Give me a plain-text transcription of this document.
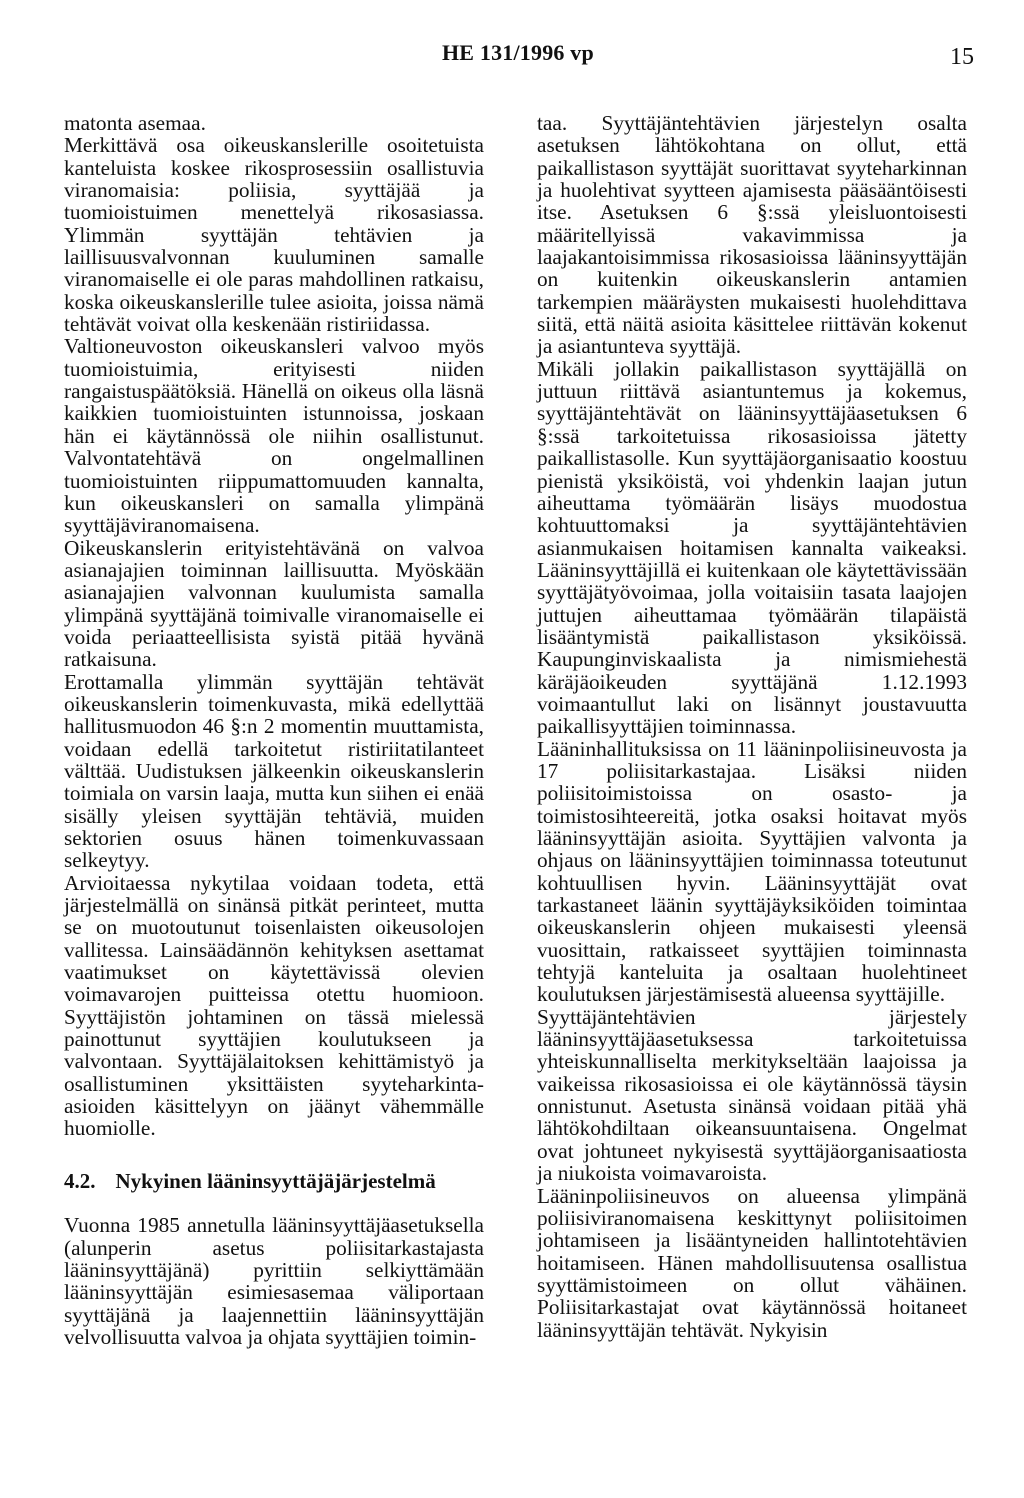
HE 131/1996 vp	15

matonta asemaa.

Merkittävä osa oikeuskanslerille osoitetuista kanteluista koskee rikosprosessiin osallistuvia viranomaisia: poliisia, syyttäjää ja tuomioistuimen menettelyä rikosasiassa. Ylimmän syyttäjän tehtävien ja laillisuusvalvonnan kuuluminen samalle viranomaiselle ei ole paras mahdollinen ratkaisu, koska oikeuskanslerille tulee asioita, joissa nämä tehtävät voivat olla keskenään ristiriidassa.

Valtioneuvoston oikeuskansleri valvoo myös tuomioistuimia, erityisesti niiden rangaistuspäätöksiä. Hänellä on oikeus olla läsnä kaikkien tuomioistuinten istunnoissa, joskaan hän ei käytännössä ole niihin osallistunut. Valvontatehtävä on ongelmallinen tuomioistuinten riippumattomuuden kannalta, kun oikeuskansleri on samalla ylimpänä syyttäjäviranomaisena.

Oikeuskanslerin erityistehtävänä on valvoa asianajajien toiminnan laillisuutta. Myöskään asianajajien valvonnan kuulumista samalla ylimpänä syyttäjänä toimivalle viranomaiselle ei voida periaatteellisista syistä pitää hyvänä ratkaisuna.

Erottamalla ylimmän syyttäjän tehtävät oikeuskanslerin toimenkuvasta, mikä edellyttää hallitusmuodon 46 §:n 2 momentin muuttamista, voidaan edellä tarkoitetut ristiriitatilanteet välttää. Uudistuksen jälkeenkin oikeuskanslerin toimiala on varsin laaja, mutta kun siihen ei enää sisälly yleisen syyttäjän tehtäviä, muiden sektorien osuus hänen toimenkuvassaan selkeytyy.

Arvioitaessa nykytilaa voidaan todeta, että järjestelmällä on sinänsä pitkät perinteet, mutta se on muotoutunut toisenlaisten oikeusolojen vallitessa. Lainsäädännön kehityksen asettamat vaatimukset on käytettävissä olevien voimavarojen puitteissa otettu huomioon. Syyttäjistön johtaminen on tässä mielessä painottunut syyttäjien koulutukseen ja valvontaan. Syyttäjälaitoksen kehittämistyö ja osallistuminen yksittäisten syyteharkinta-asioiden käsittelyyn on jäänyt vähemmälle huomiolle.

4.2. Nykyinen lääninsyyttäjäjärjestelmä

Vuonna 1985 annetulla lääninsyyttäjäasetuksella (alunperin asetus poliisitarkastajasta lääninsyyttäjänä) pyrittiin selkiyttämään lääninsyyttäjän esimiesasemaa väliportaan syyttäjänä ja laajennettiin lääninsyyttäjän velvollisuutta valvoa ja ohjata syyttäjien toimin-

taa. Syyttäjäntehtävien järjestelyn osalta asetuksen lähtökohtana on ollut, että paikallistason syyttäjät suorittavat syyteharkinnan ja huolehtivat syytteen ajamisesta pääsääntöisesti itse. Asetuksen 6 §:ssä yleisluontoisesti määritellyissä vakavimmissa ja laajakantoisimmissa rikosasioissa lääninsyyttäjän on kuitenkin oikeuskanslerin antamien tarkempien määräysten mukaisesti huolehdittava siitä, että näitä asioita käsittelee riittävän kokenut ja asiantunteva syyttäjä.

Mikäli jollakin paikallistason syyttäjällä on juttuun riittävä asiantuntemus ja kokemus, syyttäjäntehtävät on lääninsyyttäjäasetuksen 6 §:ssä tarkoitetuissa rikosasioissa jätetty paikallistasolle. Kun syyttäjäorganisaatio koostuu pienistä yksiköistä, voi yhdenkin laajan jutun aiheuttama työmäärän lisäys muodostua kohtuuttomaksi ja syyttäjäntehtävien asianmukaisen hoitamisen kannalta vaikeaksi. Lääninsyyttäjillä ei kuitenkaan ole käytettävissään syyttäjätyövoimaa, jolla voitaisiin tasata laajojen juttujen aiheuttamaa työmäärän tilapäistä lisääntymistä paikallistason yksiköissä. Kaupunginviskaalista ja nimismiehestä käräjäoikeuden syyttäjänä 1.12.1993 voimaantullut laki on lisännyt joustavuutta paikallisyyttäjien toiminnassa.

Lääninhallituksissa on 11 lääninpoliisineuvosta ja 17 poliisitarkastajaa. Lisäksi niiden poliisitoimistoissa on osasto- ja toimistosihteereitä, jotka osaksi hoitavat myös lääninsyyttäjän asioita. Syyttäjien valvonta ja ohjaus on lääninsyyttäjien toiminnassa toteutunut kohtuullisen hyvin. Lääninsyyttäjät ovat tarkastaneet läänin syyttäjäyksiköiden toimintaa oikeuskanslerin ohjeen mukaisesti yleensä vuosittain, ratkaisseet syyttäjien toiminnasta tehtyjä kanteluita ja osaltaan huolehtineet koulutuksen järjestämisestä alueensa syyttäjille.

Syyttäjäntehtävien järjestely lääninsyyttäjäasetuksessa tarkoitetuissa yhteiskunnalliselta merkitykseltään laajoissa ja vaikeissa rikosasioissa ei ole käytännössä täysin onnistunut. Asetusta sinänsä voidaan pitää yhä lähtökohdiltaan oikeansuuntaisena. Ongelmat ovat johtuneet nykyisestä syyttäjäorganisaatiosta ja niukoista voimavaroista.

Lääninpoliisineuvos on alueensa ylimpänä poliisiviranomaisena keskittynyt poliisitoimen johtamiseen ja lisääntyneiden hallintotehtävien hoitamiseen. Hänen mahdollisuutensa osallistua syyttämistoimeen on ollut vähäinen. Poliisitarkastajat ovat käytännössä hoitaneet lääninsyyttäjän tehtävät. Nykyisin
